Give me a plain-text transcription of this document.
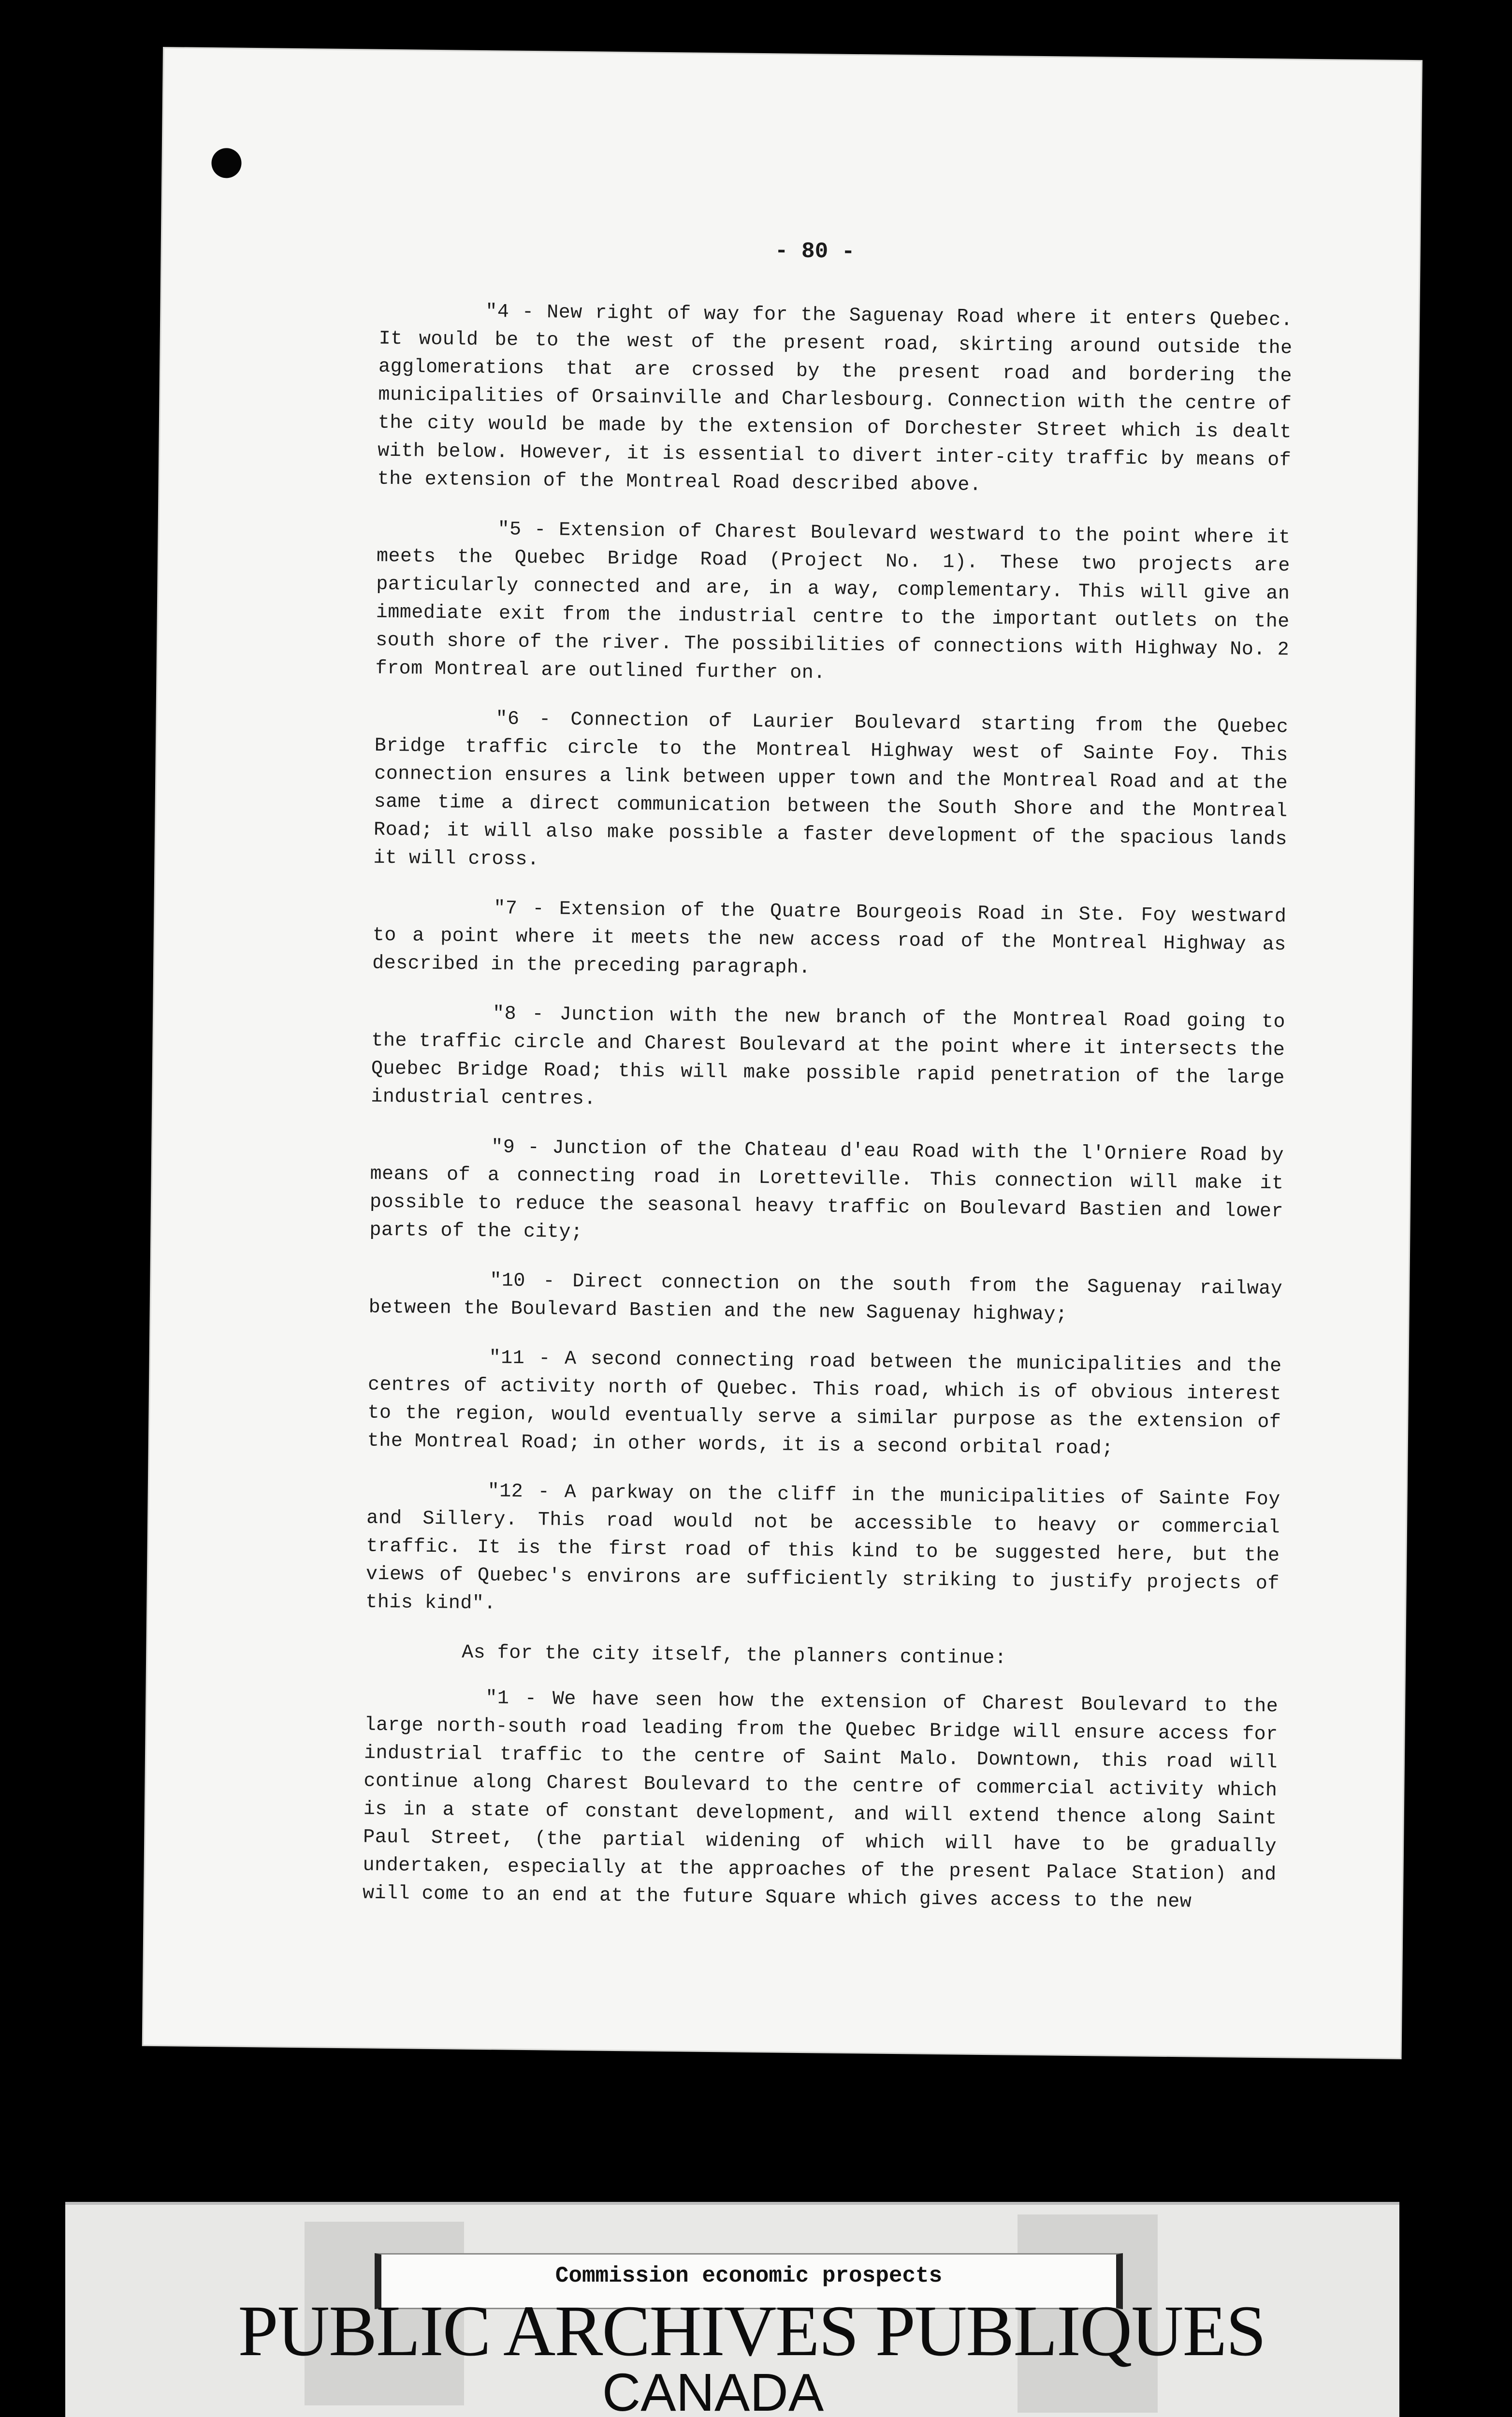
- 80 -

"4 - New right of way for the Saguenay Road where it enters Quebec. It would be to the west of the present road, skirting around outside the agglomerations that are crossed by the present road and bordering the municipalities of Orsainville and Charlesbourg. Connection with the centre of the city would be made by the extension of Dorchester Street which is dealt with below. However, it is essential to divert inter-city traffic by means of the extension of the Montreal Road described above.

"5 - Extension of Charest Boulevard westward to the point where it meets the Quebec Bridge Road (Project No. 1). These two projects are particularly connected and are, in a way, complementary. This will give an immediate exit from the industrial centre to the important outlets on the south shore of the river. The possibilities of connections with Highway No. 2 from Montreal are outlined further on.

"6 - Connection of Laurier Boulevard starting from the Quebec Bridge traffic circle to the Montreal Highway west of Sainte Foy. This connection ensures a link between upper town and the Montreal Road and at the same time a direct communication between the South Shore and the Montreal Road; it will also make possible a faster development of the spacious lands it will cross.

"7 - Extension of the Quatre Bourgeois Road in Ste. Foy westward to a point where it meets the new access road of the Montreal Highway as described in the preceding paragraph.

"8 - Junction with the new branch of the Montreal Road going to the traffic circle and Charest Boulevard at the point where it intersects the Quebec Bridge Road; this will make possible rapid penetration of the large industrial centres.

"9 - Junction of the Chateau d'eau Road with the l'Orniere Road by means of a connecting road in Loretteville. This connection will make it possible to reduce the seasonal heavy traffic on Boulevard Bastien and lower parts of the city;

"10 - Direct connection on the south from the Saguenay railway between the Boulevard Bastien and the new Saguenay highway;

"11 - A second connecting road between the municipalities and the centres of activity north of Quebec. This road, which is of obvious interest to the region, would eventually serve a similar purpose as the extension of the Montreal Road; in other words, it is a second orbital road;

"12 - A parkway on the cliff in the municipalities of Sainte Foy and Sillery. This road would not be accessible to heavy or commercial traffic. It is the first road of this kind to be suggested here, but the views of Quebec's environs are sufficiently striking to justify projects of this kind".

As for the city itself, the planners continue:

"1 - We have seen how the extension of Charest Boulevard to the large north-south road leading from the Quebec Bridge will ensure access for industrial traffic to the centre of Saint Malo. Downtown, this road will continue along Charest Boulevard to the centre of commercial activity which is in a state of constant development, and will extend thence along Saint Paul Street, (the partial widening of which will have to be gradually undertaken, especially at the approaches of the present Palace Station) and will come to an end at the future Square which gives access to the new

Commission economic prospects
PUBLIC ARCHIVES PUBLIQUES
CANADA
